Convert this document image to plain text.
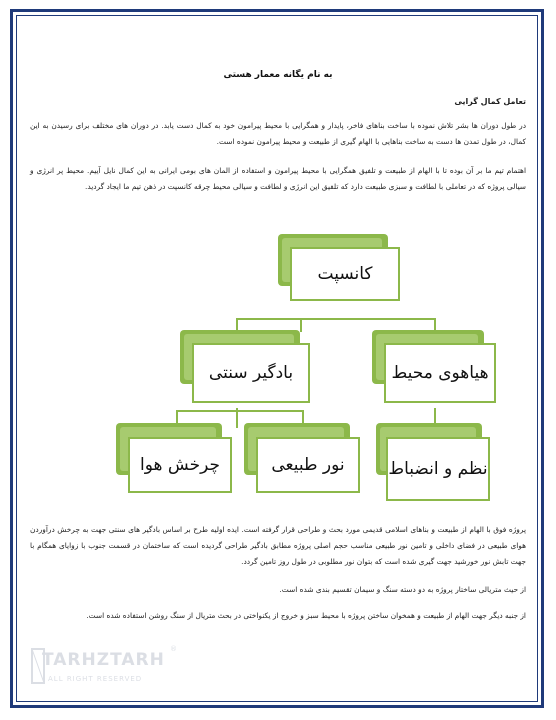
به نام یگانه معمار هستی
تعامل کمال گرایی
در طول دوران ها بشر تلاش نموده با ساخت بناهای فاخر، پایدار و همگرایی با محیط پیرامون خود به کمال دست یابد. در دوران های مختلف برای رسیدن به این کمال، در طول تمدن ها دست به ساخت بناهایی با الهام گیری از طبیعت و محیط پیرامون نموده است.
اهتمام تیم ما بر آن بوده تا با الهام از طبیعت و تلفیق همگرایی با محیط پیرامون و استفاده از المان های بومی ایرانی به این کمال نایل آییم. محیط پر انرژی و سیالی پروژه که در تعاملی با لطافت و سبزی طبیعت دارد که تلفیق این انرژی و لطافت و سیالی محیط چرقه کانسپت در ذهن تیم ما ایجاد گردید.
کانسپت
بادگیر سنتی	هیاهوی محیط
چرخش هوا	نور طبیعی	نظم و انضباط
پروژه فوق با الهام از طبیعت و بناهای اسلامی قدیمی مورد بحث و طراحی قرار گرفته است. ایده اولیه طرح بر اساس بادگیر های سنتی جهت به چرخش درآوردن هوای طبیعی در فضای داخلی و تامین نور طبیعی مناسب حجم اصلی پروژه مطابق بادگیر طراحی گردیده است که ساختمان در قسمت جنوب با زوایای همگام با جهت تابش نور خورشید جهت گیری شده است که بتوان نور مطلوبی در طول روز تامین گردد.
از حیث متریالی ساختار پروژه به دو دسته سنگ و سیمان تقسیم بندی شده است.
از جنبه دیگر جهت الهام از طبیعت و همخوان ساختن پروژه با محیط سبز و خروج از یکنواختی در بحث متریال از سنگ روشن استفاده شده است.
TARHZTARH
®
ALL RIGHT RESERVED
